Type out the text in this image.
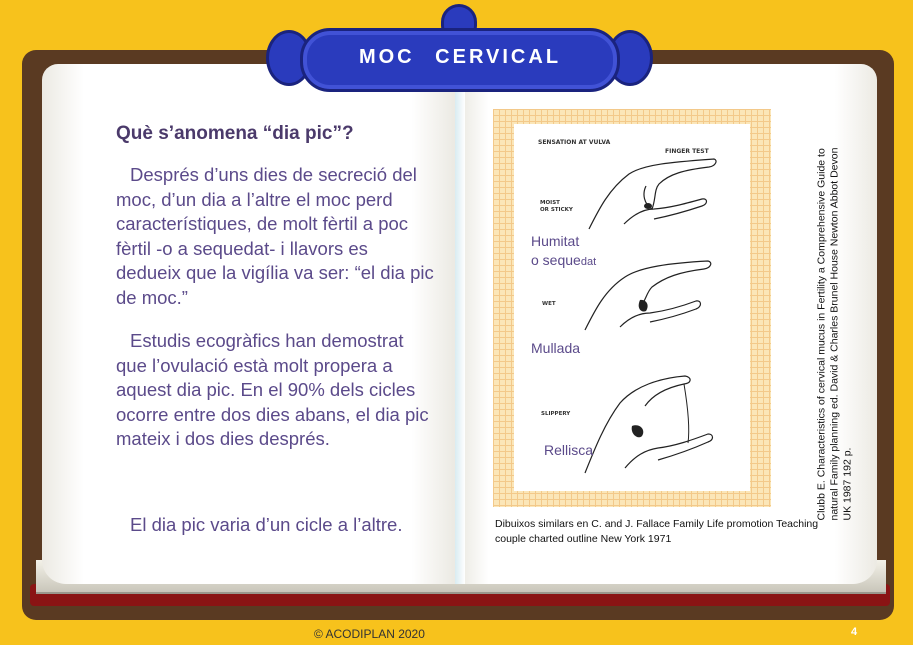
MOC CERVICAL
Què s’anomena “dia pic”?
Després d’uns dies de secreció del moc, d’un dia a l’altre el moc perd característiques, de molt fèrtil a poc fèrtil -o a sequedat- i llavors es dedueix que la vigília va ser: “el dia pic de moc.”
Estudis ecogràfics han demostrat que l’ovulació està molt propera a aquest dia pic. En el 90% dels cicles ocorre entre dos dies abans, el dia pic mateix i dos dies després.
El dia pic varia d’un cicle a l’altre.
SENSATION AT VULVA
FINGER TEST
MOIST
OR STICKY
WET
SLIPPERY
Humitat
o sequedat
Mullada
Rellisca
Dibuixos similars en C. and J. Fallace Family Life promotion Teaching couple charted outline New York 1971
Clubb E. Characteristics of cervical mucus in Fertility a Comprehensive Guide to natural Family planning ed. David & Charles Brunel House Newton Abbot Devon UK 1987 192 p.
© ACODIPLAN 2020	4
